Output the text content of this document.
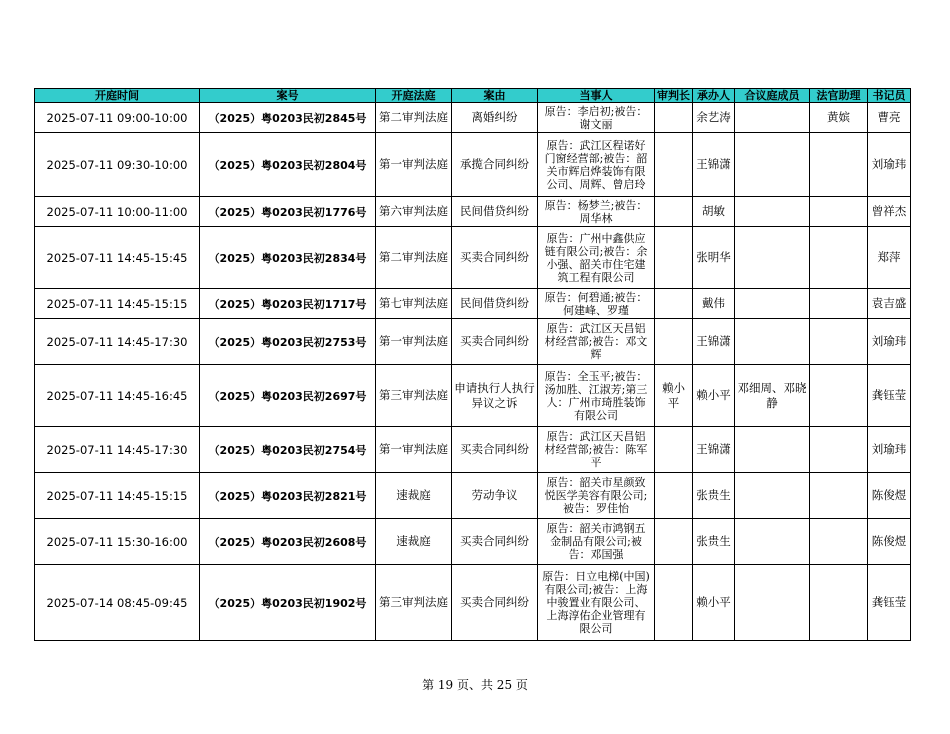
开庭时间	案号	开庭法庭	案由	当事人	审判长	承办人	合议庭成员	法官助理	书记员
2025-07-11 09:00-10:00	（2025）粤0203民初2845号	第二审判法庭	离婚纠纷	原告：李启初;被告：
谢文丽		余艺涛		黄嫔	曹亮
2025-07-11 09:30-10:00	（2025）粤0203民初2804号	第一审判法庭	承揽合同纠纷	原告：武江区程诺好
门窗经营部;被告：韶
关市辉启烨装饰有限
公司、周辉、曾启玲		王锦潇			刘瑜玮
2025-07-11 10:00-11:00	（2025）粤0203民初1776号	第六审判法庭	民间借贷纠纷	原告：杨梦兰;被告：
周华林		胡敏			曾祥杰
2025-07-11 14:45-15:45	（2025）粤0203民初2834号	第二审判法庭	买卖合同纠纷	原告：广州中鑫供应
链有限公司;被告：余
小强、韶关市住宅建
筑工程有限公司		张明华			郑萍
2025-07-11 14:45-15:15	（2025）粤0203民初1717号	第七审判法庭	民间借贷纠纷	原告：何碧通;被告：
何建峰、罗瑾		戴伟			袁吉盛
2025-07-11 14:45-17:30	（2025）粤0203民初2753号	第一审判法庭	买卖合同纠纷	原告：武江区天昌铝
材经营部;被告：邓文
辉		王锦潇			刘瑜玮
2025-07-11 14:45-16:45	（2025）粤0203民初2697号	第三审判法庭	申请执行人执行
异议之诉	原告：全玉平;被告：
汤加胜、江淑芳;第三
人：广州市琦胜装饰
有限公司	赖小平	赖小平	邓细周、邓晓
静		龚钰莹
2025-07-11 14:45-17:30	（2025）粤0203民初2754号	第一审判法庭	买卖合同纠纷	原告：武江区天昌铝
材经营部;被告：陈军
平		王锦潇			刘瑜玮
2025-07-11 14:45-15:15	（2025）粤0203民初2821号	速裁庭	劳动争议	原告：韶关市星颜致
悦医学美容有限公司;
被告：罗佳怡		张贵生			陈俊煜
2025-07-11 15:30-16:00	（2025）粤0203民初2608号	速裁庭	买卖合同纠纷	原告：韶关市鸿钢五
金制品有限公司;被
告：邓国强		张贵生			陈俊煜
2025-07-14 08:45-09:45	（2025）粤0203民初1902号	第三审判法庭	买卖合同纠纷	原告：日立电梯(中国)
有限公司;被告：上海
中骏置业有限公司、
上海淳佑企业管理有
限公司		赖小平			龚钰莹
第 19 页、共 25 页
